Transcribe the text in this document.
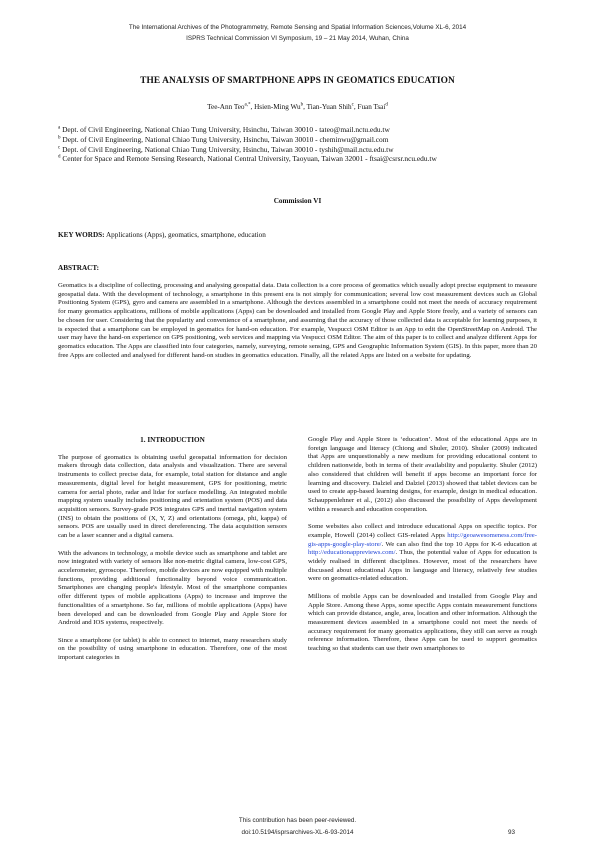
The International Archives of the Photogrammetry, Remote Sensing and Spatial Information Sciences,Volume XL-6, 2014
ISPRS Technical Commission VI Symposium, 19 – 21 May 2014, Wuhan, China
THE ANALYSIS OF SMARTPHONE APPS IN GEOMATICS EDUCATION
Tee-Ann Teo$^{a,*}$, Hsien-Ming Wu$^b$, Tian-Yuan Shih$^c$, Fuan Tsai$^d$
$^a$ Dept. of Civil Engineering, National Chiao Tung University, Hsinchu, Taiwan 30010 - tateo@mail.nctu.edu.tw
$^b$ Dept. of Civil Engineering, National Chiao Tung University, Hsinchu, Taiwan 30010 - cheminwu@gmail.com
$^c$ Dept. of Civil Engineering, National Chiao Tung University, Hsinchu, Taiwan 30010 - tyshih@mail.nctu.edu.tw
$^d$ Center for Space and Remote Sensing Research, National Central University, Taoyuan, Taiwan 32001 - ftsai@csrsr.ncu.edu.tw
Commission VI
KEY WORDS: Applications (Apps), geomatics, smartphone, education
ABSTRACT:
Geomatics is a discipline of collecting, processing and analysing geospatial data. Data collection is a core process of geomatics which usually adopt precise equipment to measure geospatial data. With the development of technology, a smartphone in this present era is not simply for communication; several low cost measurement devices such as Global Positioning System (GPS), gyro and camera are assembled in a smartphone. Although the devices assembled in a smartphone could not meet the needs of accuracy requirement for many geomatics applications, millions of mobile applications (Apps) can be downloaded and installed from Google Play and Apple Store freely, and a variety of sensors can be chosen for user. Considering that the popularity and convenience of a smartphone, and assuming that the accuracy of those collected data is acceptable for learning purposes, it is expected that a smartphone can be employed in geomatics for hand-on education. For example, Vespucci OSM Editor is an App to edit the OpenStreetMap on Android. The user may have the hand-on experience on GPS positioning, web services and mapping via Vespucci OSM Editor. The aim of this paper is to collect and analyze different Apps for geomatics education. The Apps are classified into four categories, namely, surveying, remote sensing, GPS and Geographic Information System (GIS). In this paper, more than 20 free Apps are collected and analysed for different hand-on studies in geomatics education. Finally, all the related Apps are listed on a website for updating.

1. INTRODUCTION

The purpose of geomatics is obtaining useful geospatial information for decision makers through data collection, data analysis and visualization. There are several instruments to collect precise data, for example, total station for distance and angle measurements, digital level for height measurement, GPS for positioning, metric camera for aerial photo, radar and lidar for surface modelling. An integrated mobile mapping system usually includes positioning and orientation system (POS) and data acquisition sensors. Survey-grade POS integrates GPS and inertial navigation system (INS) to obtain the positions of (X, Y, Z) and orientations (omega, phi, kappa) of sensors. POS are usually used in direct dereferencing. The data acquisition sensors can be a laser scanner and a digital camera.

With the advances in technology, a mobile device such as smartphone and tablet are now integrated with variety of sensors like non-metric digital camera, low-cost GPS, accelerometer, gyroscope. Therefore, mobile devices are now equipped with multiple functions, providing additional functionality beyond voice communication. Smartphones are changing people's lifestyle. Most of the smartphone companies offer different types of mobile applications (Apps) to increase and improve the functionalities of a smartphone. So far, millions of mobile applications (Apps) have been developed and can be downloaded from Google Play and Apple Store for Android and IOS systems, respectively.

Since a smartphone (or tablet) is able to connect to internet, many researchers study on the possibility of using smartphone in education. Therefore, one of the most important categories in

Google Play and Apple Store is ‘education’. Most of the educational Apps are in foreign language and literacy (Chiong and Shuler, 2010). Shuler (2009) indicated that Apps are unquestionably a new medium for providing educational content to children nationwide, both in terms of their availability and popularity. Shuler (2012) also considered that children will benefit if apps become an important force for learning and discovery. Dalziel and Dalziel (2013) showed that tablet devices can be used to create app-based learning designs, for example, design in medical education. Schauppenlehner et al., (2012) also discussed the possibility of Apps development within a research and education cooperation.

Some websites also collect and introduce educational Apps on specific topics. For example, Howell (2014) collect GIS-related Apps http://geoawesomeness.com/free-gis-apps-google-play-store/. We can also find the top 10 Apps for K-6 education at http://educationappreviews.com/. Thus, the potential value of Apps for education is widely realised in different disciplines. However, most of the researchers have discussed about educational Apps in language and literacy, relatively few studies were on geomatics-related education.

Millions of mobile Apps can be downloaded and installed from Google Play and Apple Store. Among these Apps, some specific Apps contain measurement functions which can provide distance, angle, area, location and other information. Although the measurement devices assembled in a smartphone could not meet the needs of accuracy requirement for many geomatics applications, they still can serve as rough reference information. Therefore, these Apps can be used to support geomatics teaching so that students can use their own smartphones to

This contribution has been peer-reviewed.
doi:10.5194/isprsarchives-XL-6-93-2014	93
